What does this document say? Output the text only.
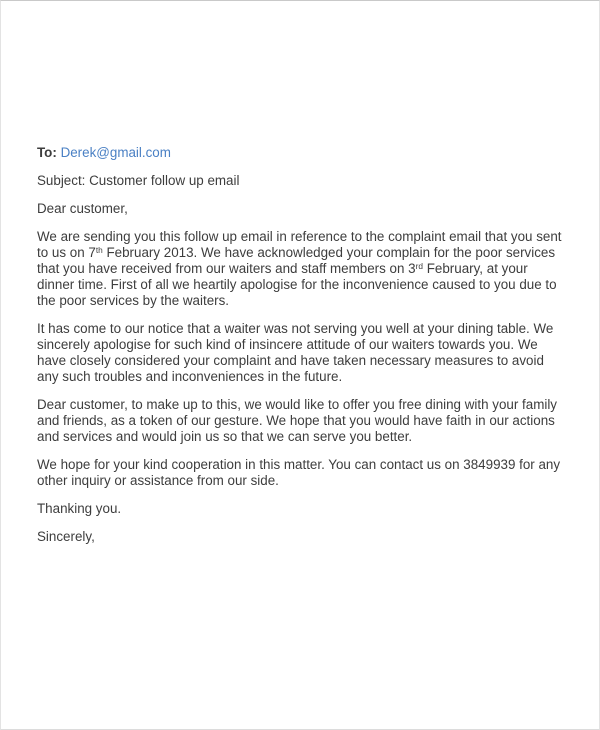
To: Derek@gmail.com

Subject: Customer follow up email

Dear customer,

We are sending you this follow up email in reference to the complaint email that you sent to us on 7th February 2013. We have acknowledged your complain for the poor services that you have received from our waiters and staff members on 3rd February, at your dinner time. First of all we heartily apologise for the inconvenience caused to you due to the poor services by the waiters.

It has come to our notice that a waiter was not serving you well at your dining table. We sincerely apologise for such kind of insincere attitude of our waiters towards you. We have closely considered your complaint and have taken necessary measures to avoid any such troubles and inconveniences in the future.

Dear customer, to make up to this, we would like to offer you free dining with your family and friends, as a token of our gesture. We hope that you would have faith in our actions and services and would join us so that we can serve you better.

We hope for your kind cooperation in this matter. You can contact us on 3849939 for any other inquiry or assistance from our side.

Thanking you.

Sincerely,
